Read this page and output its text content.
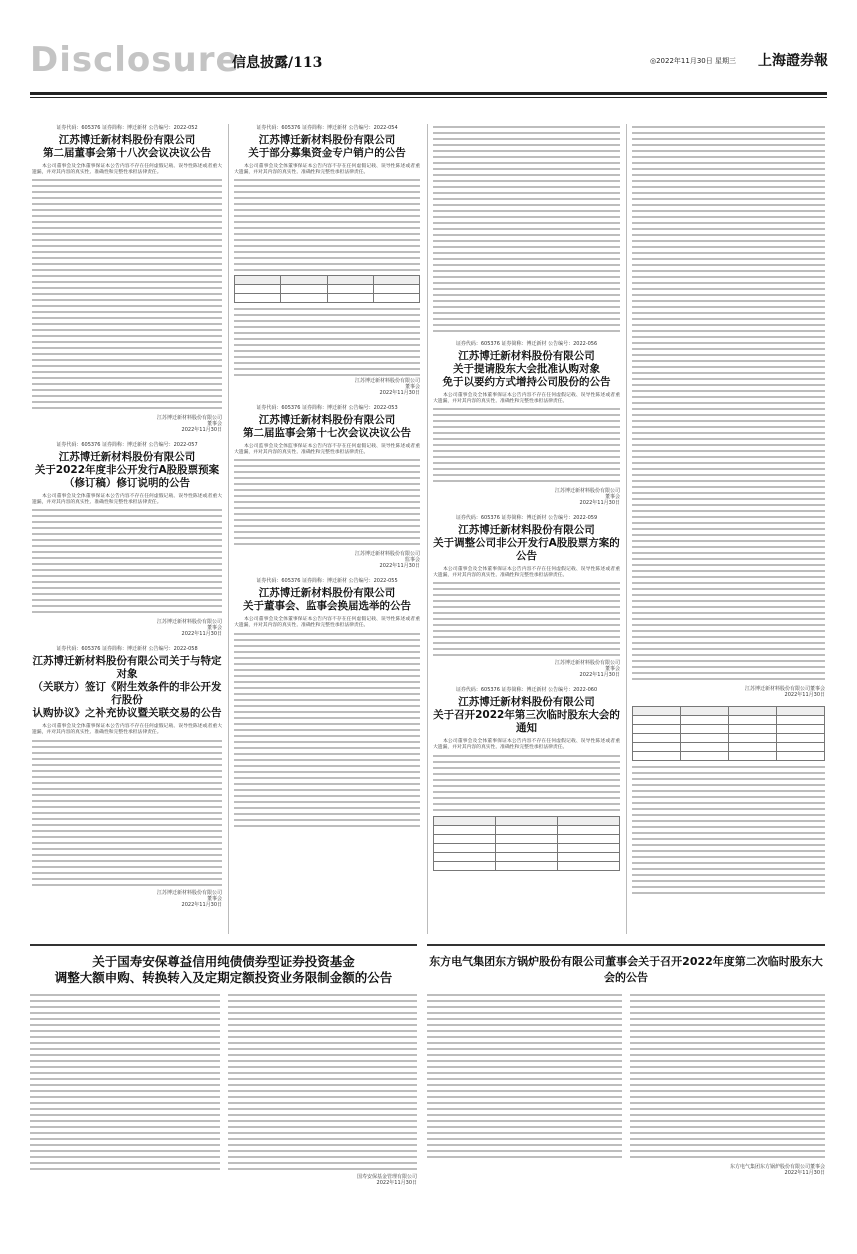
Disclosure
信息披露/113	◎2022年11月30日 星期三 上海證券報
证券代码：605376 证券简称：博迁新材 公告编号：2022-052
江苏博迁新材料股份有限公司
第二届董事会第十八次会议决议公告
本公司董事会及全体董事保证本公告内容不存在任何虚假记载、误导性陈述或者重大遗漏，并对其内容的真实性、准确性和完整性承担法律责任。
江苏博迁新材料股份有限公司
董事会
2022年11月30日
证券代码：605376 证券简称：博迁新材 公告编号：2022-057
江苏博迁新材料股份有限公司
关于2022年度非公开发行A股股票预案
（修订稿）修订说明的公告
本公司董事会及全体董事保证本公告内容不存在任何虚假记载、误导性陈述或者重大遗漏，并对其内容的真实性、准确性和完整性承担法律责任。
江苏博迁新材料股份有限公司
董事会
2022年11月30日
证券代码：605376 证券简称：博迁新材 公告编号：2022-058
江苏博迁新材料股份有限公司关于与特定对象
（关联方）签订《附生效条件的非公开发行股份
认购协议》之补充协议暨关联交易的公告
本公司董事会及全体董事保证本公告内容不存在任何虚假记载、误导性陈述或者重大遗漏，并对其内容的真实性、准确性和完整性承担法律责任。
江苏博迁新材料股份有限公司
董事会
2022年11月30日
证券代码：605376 证券简称：博迁新材 公告编号：2022-054
江苏博迁新材料股份有限公司
关于部分募集资金专户销户的公告
本公司董事会及全体董事保证本公告内容不存在任何虚假记载、误导性陈述或者重大遗漏，并对其内容的真实性、准确性和完整性承担法律责任。

江苏博迁新材料股份有限公司
董事会
2022年11月30日
证券代码：605376 证券简称：博迁新材 公告编号：2022-053
江苏博迁新材料股份有限公司
第二届监事会第十七次会议决议公告
本公司监事会及全体监事保证本公告内容不存在任何虚假记载、误导性陈述或者重大遗漏，并对其内容的真实性、准确性和完整性承担法律责任。
江苏博迁新材料股份有限公司
监事会
2022年11月30日
证券代码：605376 证券简称：博迁新材 公告编号：2022-055
江苏博迁新材料股份有限公司
关于董事会、监事会换届选举的公告
本公司董事会及全体董事保证本公告内容不存在任何虚假记载、误导性陈述或者重大遗漏，并对其内容的真实性、准确性和完整性承担法律责任。
证券代码：605376 证券简称：博迁新材 公告编号：2022-056
江苏博迁新材料股份有限公司
关于提请股东大会批准认购对象
免于以要约方式增持公司股份的公告
本公司董事会及全体董事保证本公告内容不存在任何虚假记载、误导性陈述或者重大遗漏，并对其内容的真实性、准确性和完整性承担法律责任。
江苏博迁新材料股份有限公司
董事会
2022年11月30日
证券代码：605376 证券简称：博迁新材 公告编号：2022-059
江苏博迁新材料股份有限公司
关于调整公司非公开发行A股股票方案的公告
本公司董事会及全体董事保证本公告内容不存在任何虚假记载、误导性陈述或者重大遗漏，并对其内容的真实性、准确性和完整性承担法律责任。
江苏博迁新材料股份有限公司
董事会
2022年11月30日
证券代码：605376 证券简称：博迁新材 公告编号：2022-060
江苏博迁新材料股份有限公司
关于召开2022年第三次临时股东大会的通知
本公司董事会及全体董事保证本公告内容不存在任何虚假记载、误导性陈述或者重大遗漏，并对其内容的真实性、准确性和完整性承担法律责任。

江苏博迁新材料股份有限公司董事会
2022年11月30日

关于国寿安保尊益信用纯债债券型证券投资基金
调整大额申购、转换转入及定期定额投资业务限制金额的公告
国寿安保基金管理有限公司
2022年11月30日
东方电气集团东方锅炉股份有限公司董事会关于召开2022年度第二次临时股东大会的公告
东方电气集团东方锅炉股份有限公司董事会
2022年11月30日
